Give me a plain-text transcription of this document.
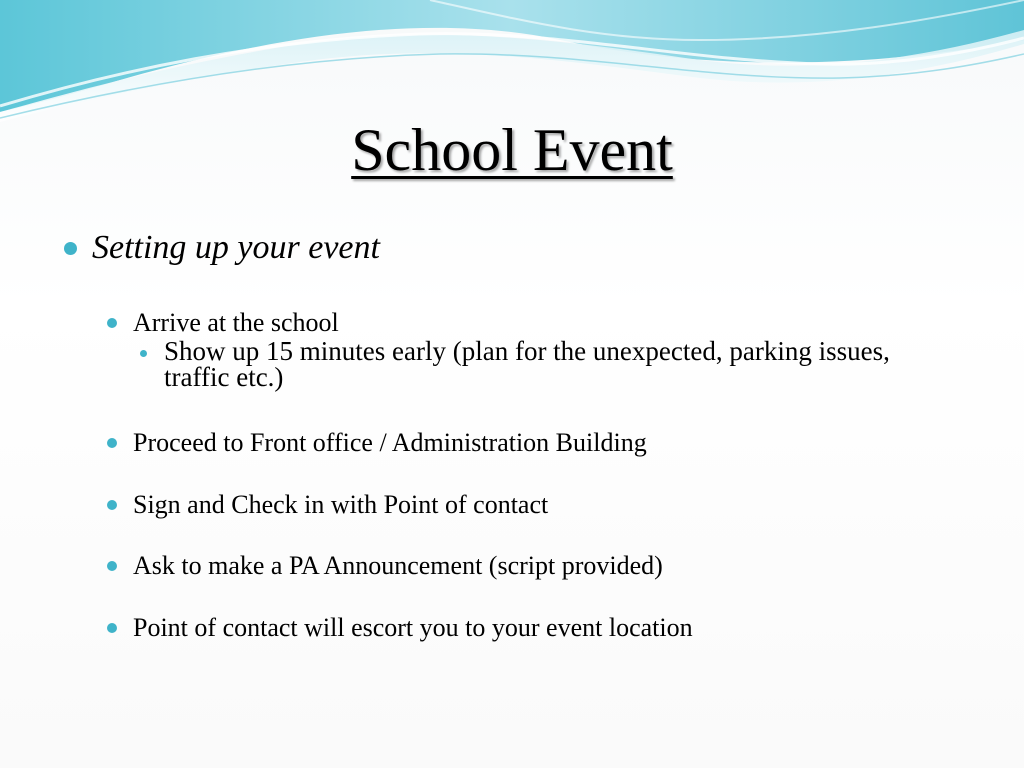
School Event
Setting up your event
Arrive at the school
Show up 15 minutes early (plan for the unexpected, parking issues, traffic etc.)
Proceed to Front office / Administration Building
Sign and Check in with Point of contact
Ask to make a PA Announcement (script provided)
Point of contact will escort you to your event location
